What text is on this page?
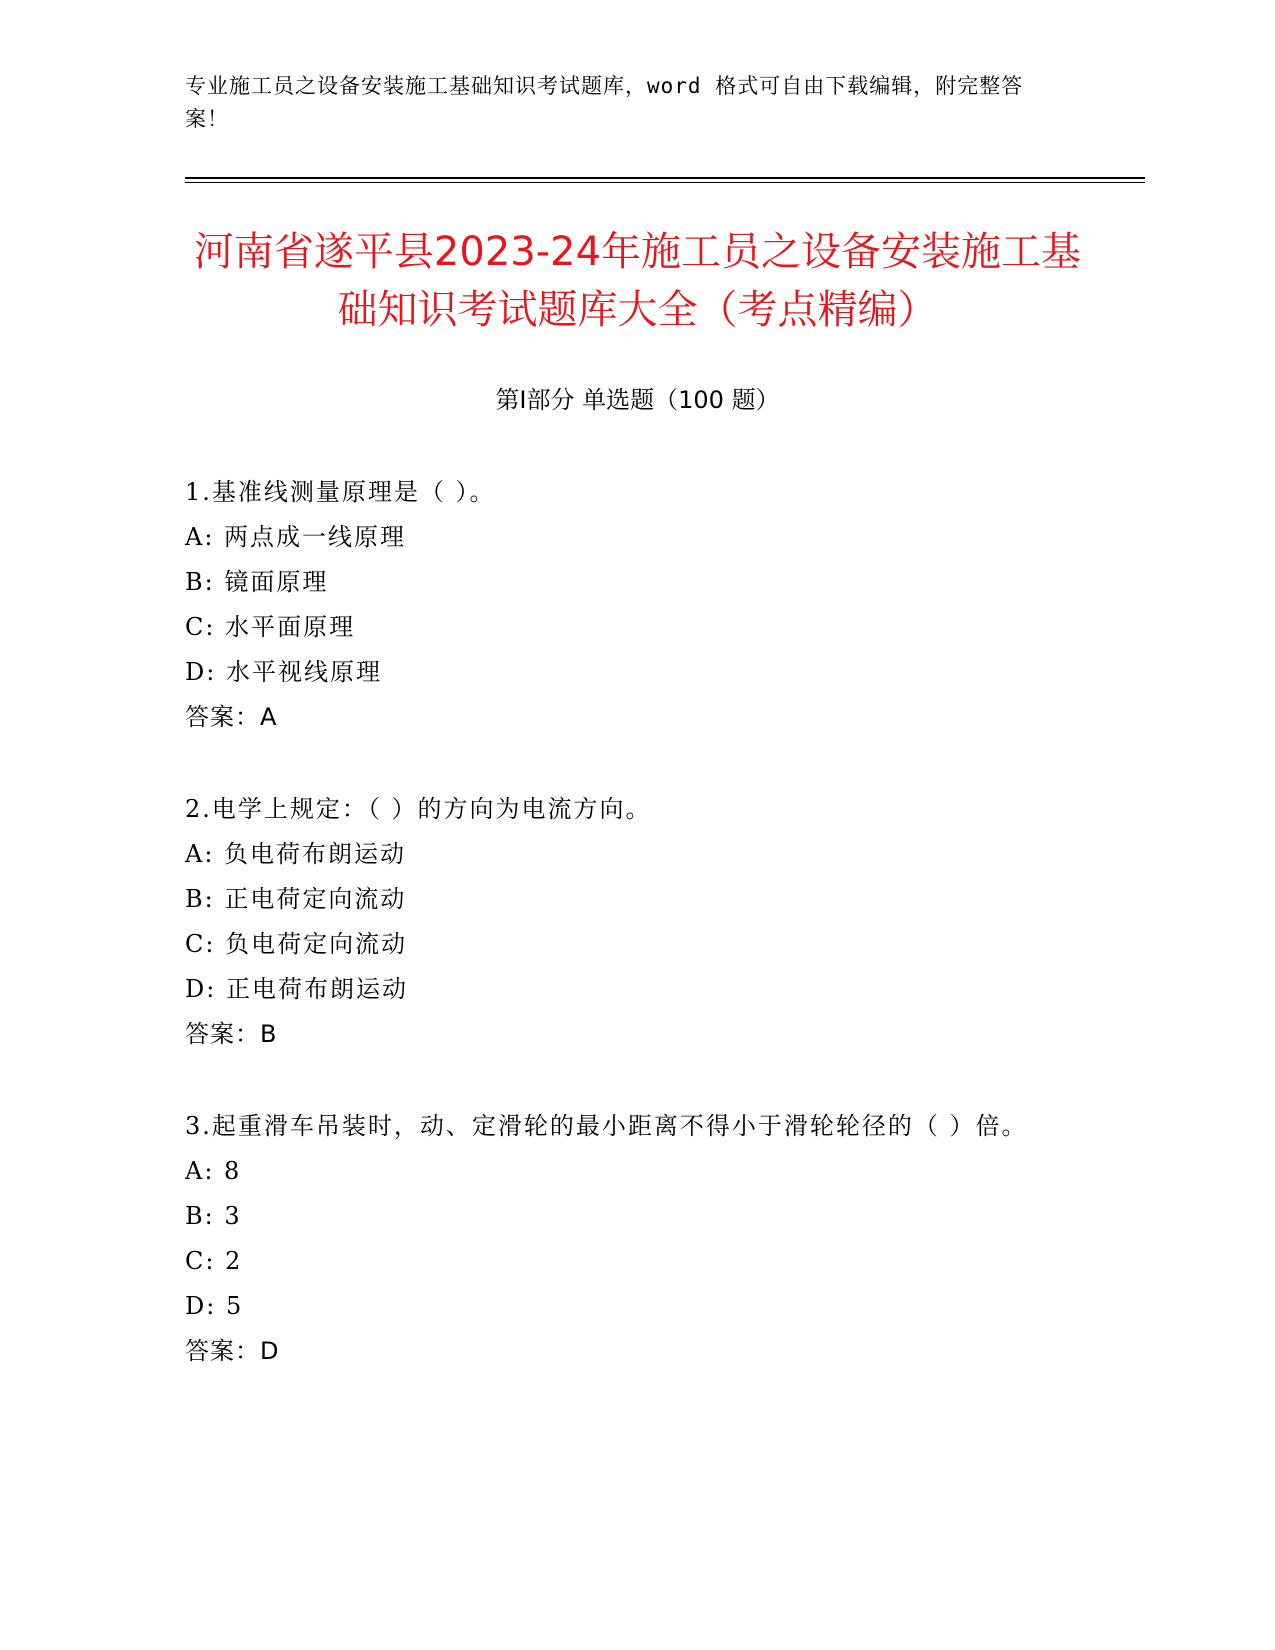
专业施工员之设备安装施工基础知识考试题库，word 格式可自由下载编辑，附完整答案！
河南省遂平县2023-24年施工员之设备安装施工基础知识考试题库大全（考点精编）
第Ⅰ部分 单选题（100 题）
1.基准线测量原理是（ ）。
A: 两点成一线原理
B: 镜面原理
C: 水平面原理
D: 水平视线原理
答案：A
2.电学上规定：（ ）的方向为电流方向。
A: 负电荷布朗运动
B: 正电荷定向流动
C: 负电荷定向流动
D: 正电荷布朗运动
答案：B
3.起重滑车吊装时，动、定滑轮的最小距离不得小于滑轮轮径的（ ）倍。
A: 8
B: 3
C: 2
D: 5
答案：D
